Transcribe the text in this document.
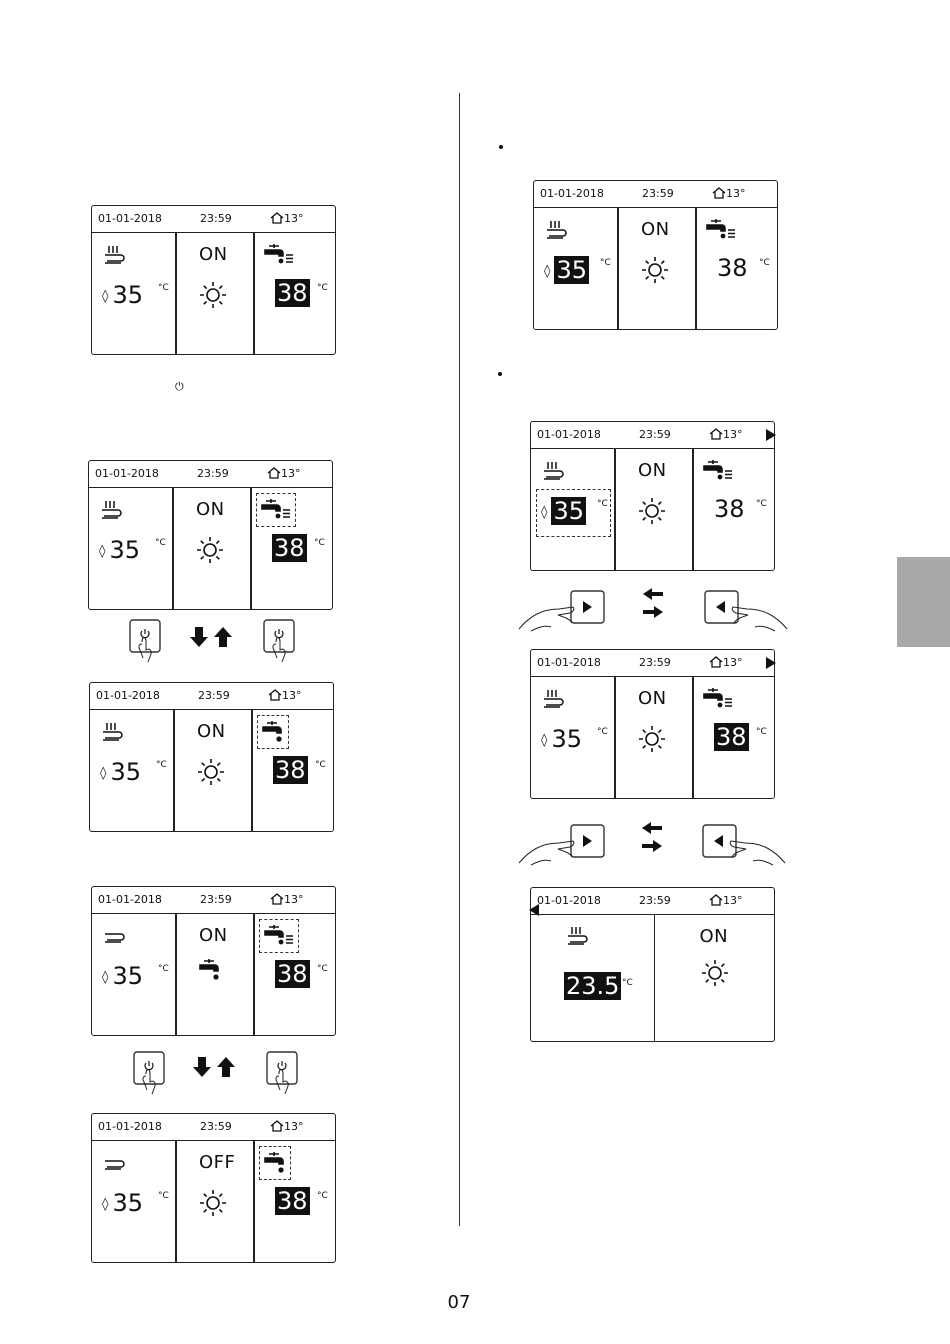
07
⏻
01-01-2018	23:59	13°
◊ 35 °C
ON
38 °C
01-01-2018	23:59	13°
◊ 35 °C
ON
38 °C
01-01-2018	23:59	13°
◊ 35 °C
ON
38 °C
01-01-2018	23:59	13°
◊ 35 °C
ON
38 °C
01-01-2018	23:59	13°
◊ 35 °C
OFF
38 °C
01-01-2018	23:59	13°
◊ 35 °C
ON
38 °C
01-01-2018	23:59	13°
◊ 35 °C
ON
38 °C
01-01-2018	23:59	13°
◊ 35 °C
ON
38 °C
01-01-2018	23:59	13°
23.5 °C
ON
